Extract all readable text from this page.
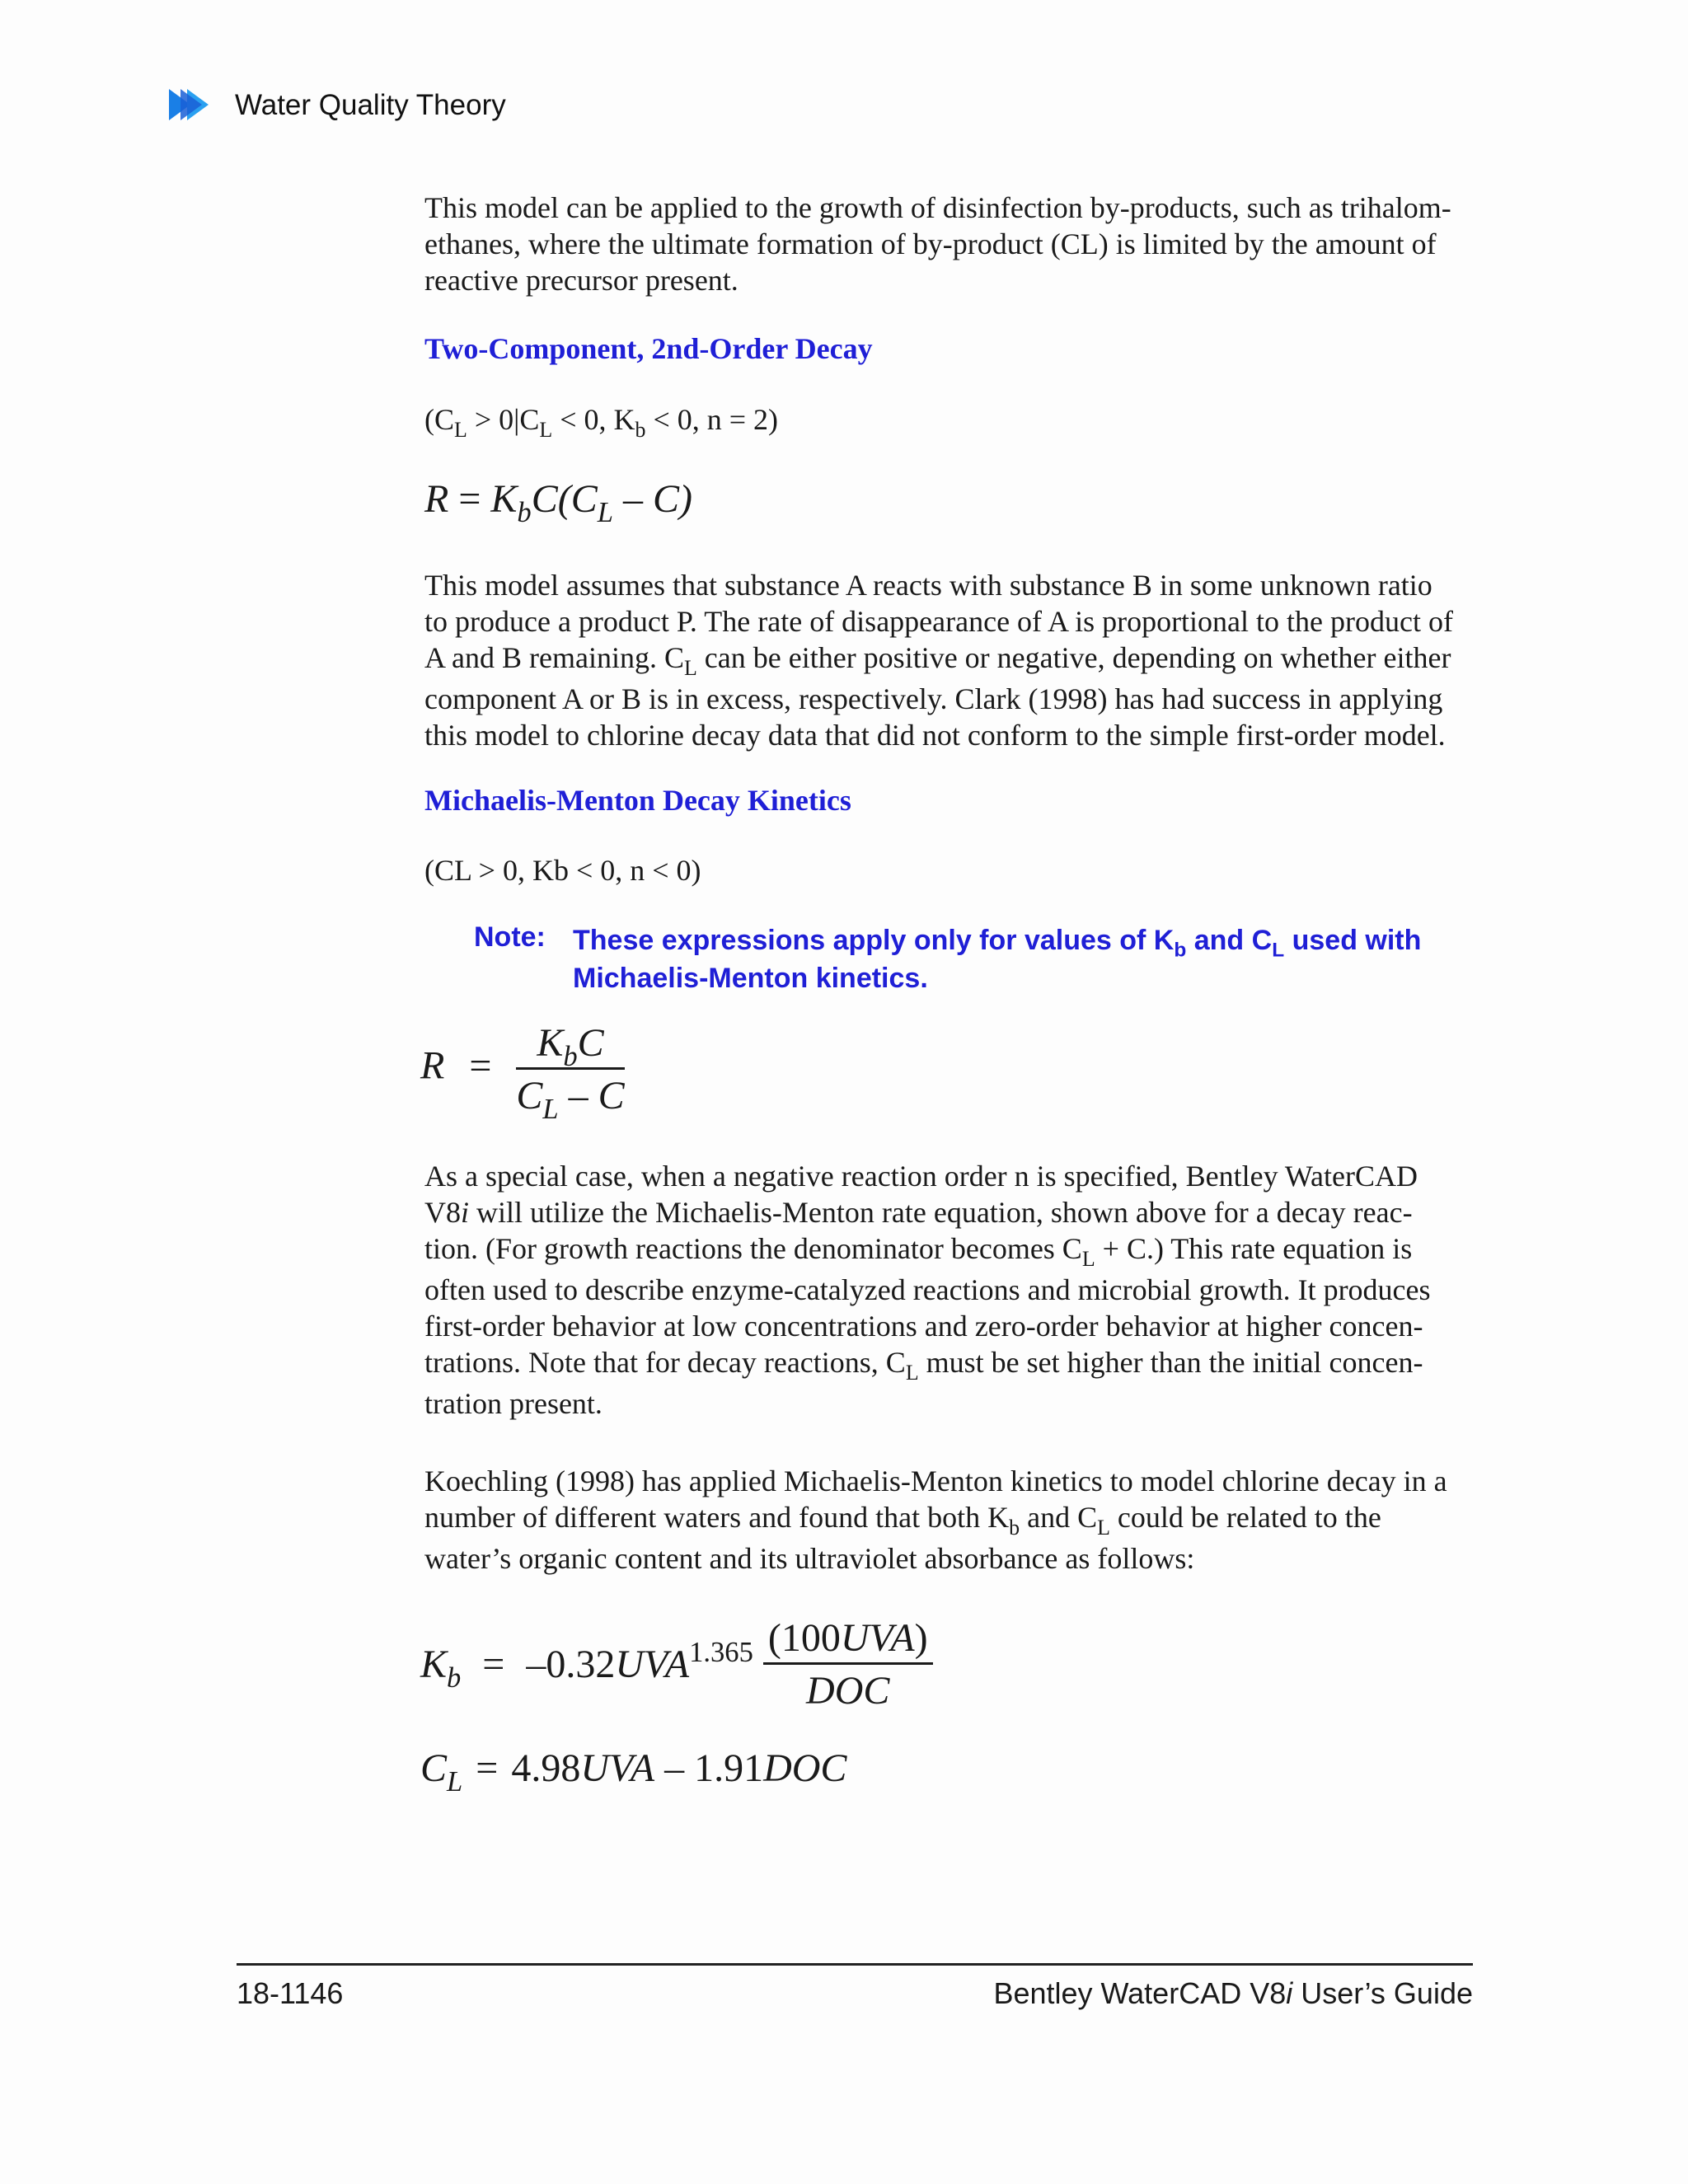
Water Quality Theory
This model can be applied to the growth of disinfection by-products, such as trihalom-
ethanes, where the ultimate formation of by-product (CL) is limited by the amount of
reactive precursor present.
Two-Component, 2nd-Order Decay
($C_L > 0|C_L < 0$, $K_b < 0$, n = 2)
$R = K_bC(C_L - C)$
This model assumes that substance A reacts with substance B in some unknown ratio
to produce a product P. The rate of disappearance of A is proportional to the product of
A and B remaining. $C_L$ can be either positive or negative, depending on whether either
component A or B is in excess, respectively. Clark (1998) has had success in applying
this model to chlorine decay data that did not conform to the simple first-order model.
Michaelis-Menton Decay Kinetics
(CL > 0, Kb < 0, n < 0)
Note: These expressions apply only for values of $K_b$ and $C_L$ used with
Michaelis-Menton kinetics.
$R = \frac{K_bC}{C_L - C}$
As a special case, when a negative reaction order n is specified, Bentley WaterCAD
V8i will utilize the Michaelis-Menton rate equation, shown above for a decay reac-
tion. (For growth reactions the denominator becomes $C_L + C$.) This rate equation is
often used to describe enzyme-catalyzed reactions and microbial growth. It produces
first-order behavior at low concentrations and zero-order behavior at higher concen-
trations. Note that for decay reactions, $C_L$ must be set higher than the initial concen-
tration present.
Koechling (1998) has applied Michaelis-Menton kinetics to model chlorine decay in a
number of different waters and found that both $K_b$ and $C_L$ could be related to the
water’s organic content and its ultraviolet absorbance as follows:
$K_b = -0.32UVA^{1.365} \frac{\text{(100UVA)}}{\text{DOC}}$
$C_L = 4.98UVA - 1.91DOC$
18-1146	Bentley WaterCAD V8i User’s Guide
